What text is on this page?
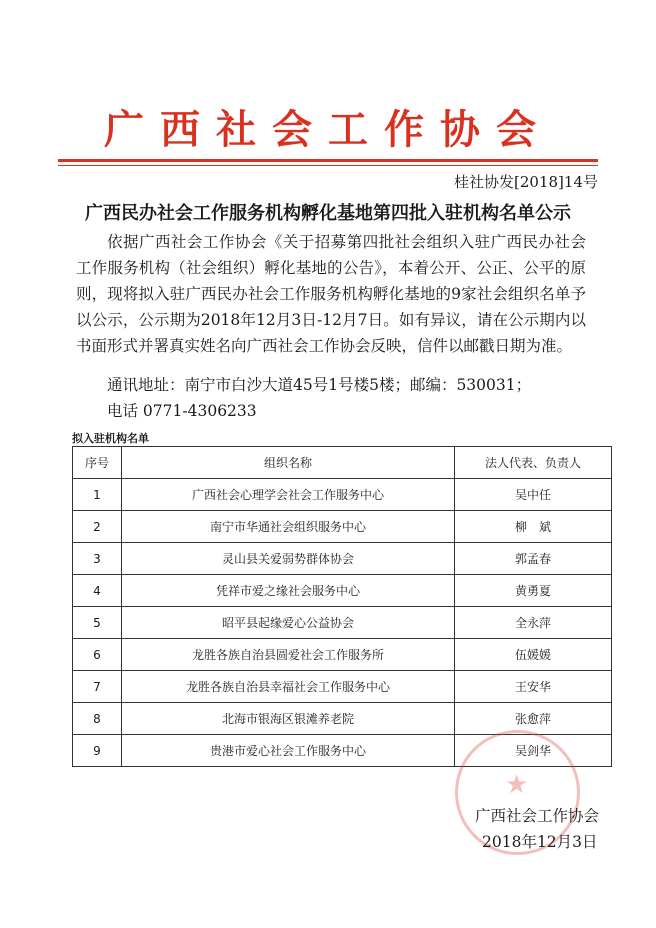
广西社会工作协会
桂社协发[2018]14号
广西民办社会工作服务机构孵化基地第四批入驻机构名单公示

依据广西社会工作协会《关于招募第四批社会组织入驻广西民办社会工作服务机构（社会组织）孵化基地的公告》，本着公开、公正、公平的原则，现将拟入驻广西民办社会工作服务机构孵化基地的9家社会组织名单予以公示，公示期为2018年12月3日-12月7日。如有异议，请在公示期内以书面形式并署真实姓名向广西社会工作协会反映，信件以邮戳日期为准。

通讯地址：南宁市白沙大道45号1号楼5楼；邮编：530031；
电话 0771-4306233
拟入驻机构名单
序号	组织名称	法人代表、负责人
1	广西社会心理学会社会工作服务中心	吴中任
2	南宁市华通社会组织服务中心	柳　斌
3	灵山县关爱弱势群体协会	郭孟春
4	凭祥市爱之缘社会服务中心	黄勇夏
5	昭平县起缘爱心公益协会	全永萍
6	龙胜各族自治县圆爱社会工作服务所	伍媛媛
7	龙胜各族自治县幸福社会工作服务中心	王安华
8	北海市银海区银滩养老院	张愈萍
9	贵港市爱心社会工作服务中心	吴剑华
★
广西社会工作协会
2018年12月3日
